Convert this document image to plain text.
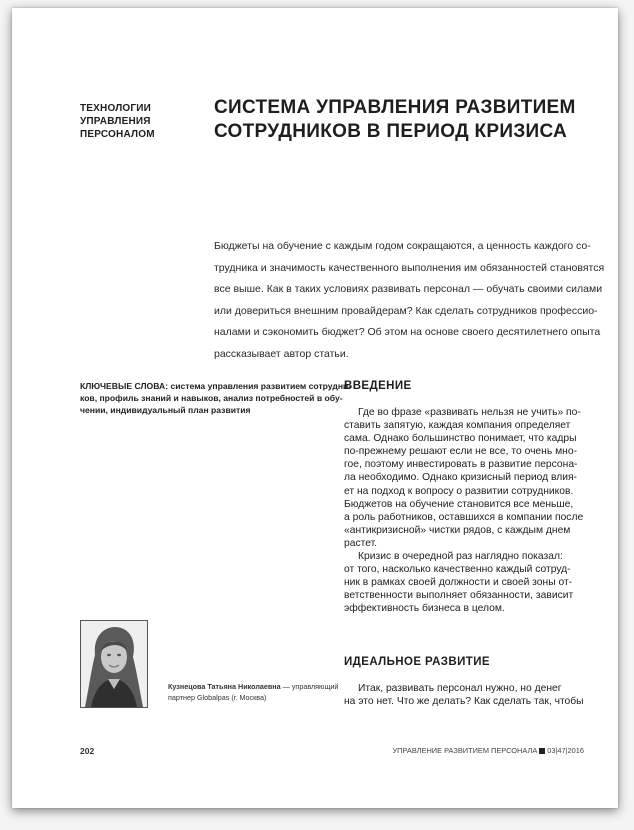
ТЕХНОЛОГИИ
УПРАВЛЕНИЯ
ПЕРСОНАЛОМ
СИСТЕМА УПРАВЛЕНИЯ РАЗВИТИЕМ
СОТРУДНИКОВ В ПЕРИОД КРИЗИСА
Бюджеты на обучение с каждым годом сокращаются, а ценность каждого со-
трудника и значимость качественного выполнения им обязанностей становятся
все выше. Как в таких условиях развивать персонал — обучать своими силами
или довериться внешним провайдерам? Как сделать сотрудников профессио-
налами и сэкономить бюджет? Об этом на основе своего десятилетнего опыта
рассказывает автор статьи.
КЛЮЧЕВЫЕ СЛОВА: система управления развитием сотрудни-
ков, профиль знаний и навыков, анализ потребностей в обу-
чении, индивидуальный план развития
ВВЕДЕНИЕ
Где во фразе «развивать нельзя не учить» по-
ставить запятую, каждая компания определяет
сама. Однако большинство понимает, что кадры
по-прежнему решают если не все, то очень мно-
гое, поэтому инвестировать в развитие персона-
ла необходимо. Однако кризисный период влия-
ет на подход к вопросу о развитии сотрудников.
Бюджетов на обучение становится все меньше,
а роль работников, оставшихся в компании после
«антикризисной» чистки рядов, с каждым днем
растет.
Кризис в очередной раз наглядно показал:
от того, насколько качественно каждый сотруд-
ник в рамках своей должности и своей зоны от-
ветственности выполняет обязанности, зависит
эффективность бизнеса в целом.
ИДЕАЛЬНОЕ РАЗВИТИЕ
Итак, развивать персонал нужно, но денег
на это нет. Что же делать? Как сделать так, чтобы
Кузнецова Татьяна Николаевна — управляющий
партнер Globalpas (г. Москва)
202	УПРАВЛЕНИЕ РАЗВИТИЕМ ПЕРСОНАЛА 03|47|2016
